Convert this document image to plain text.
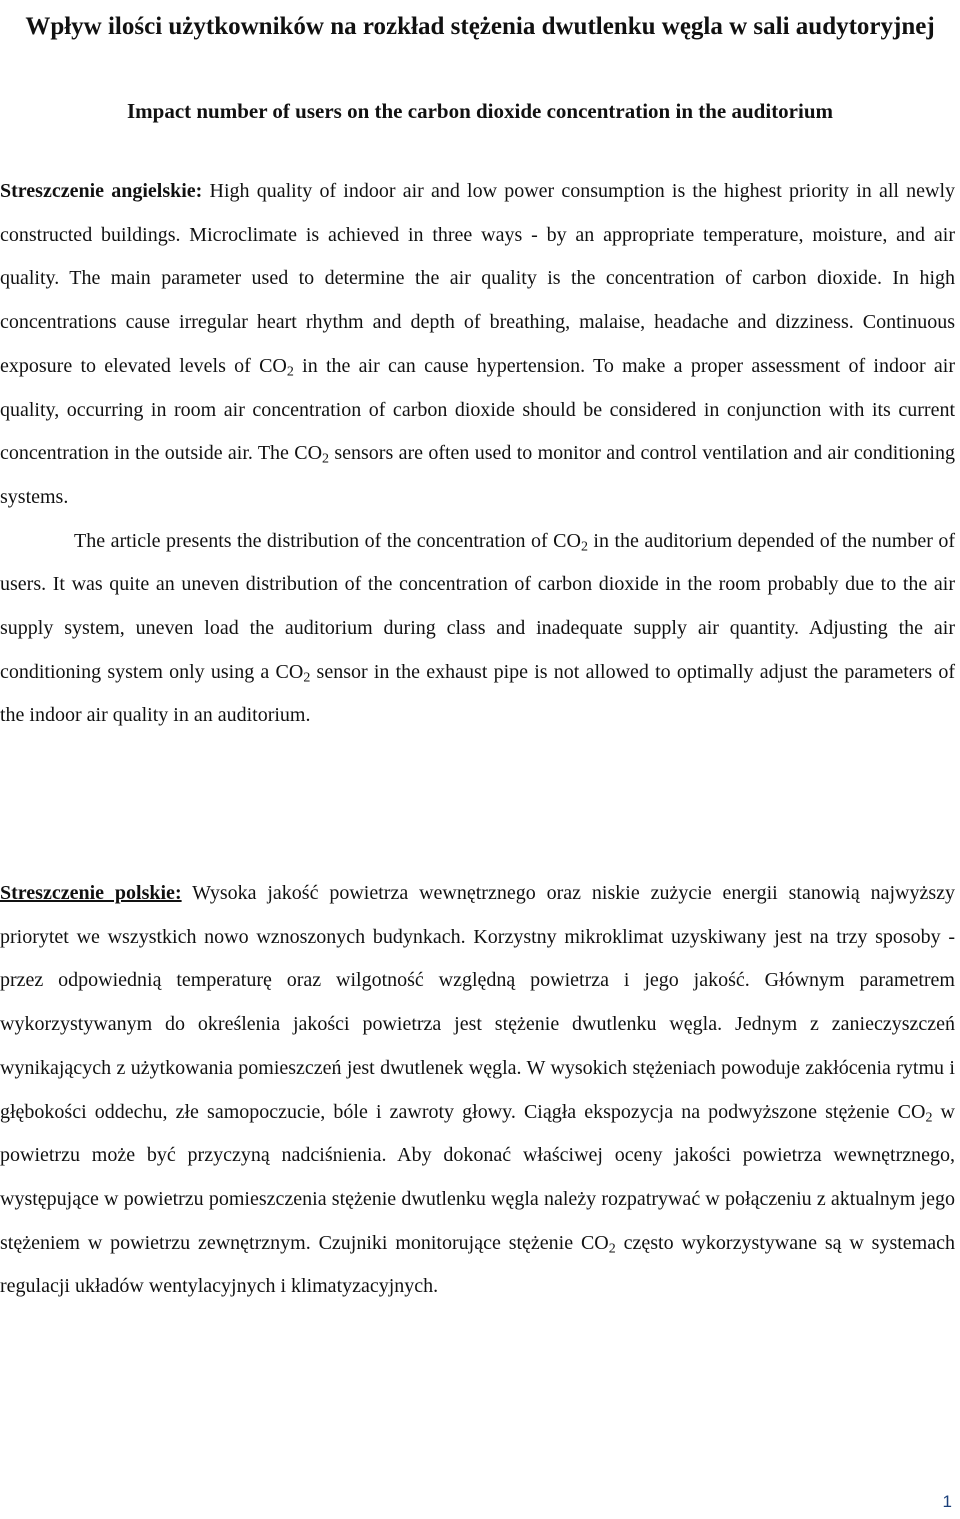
Wpływ ilości użytkowników na rozkład stężenia dwutlenku węgla w sali audytoryjnej
Impact number of users on the carbon dioxide concentration in the auditorium

Streszczenie angielskie: High quality of indoor air and low power consumption is the highest priority in all newly constructed buildings. Microclimate is achieved in three ways - by an appropriate temperature, moisture, and air quality. The main parameter used to determine the air quality is the concentration of carbon dioxide. In high concentrations cause irregular heart rhythm and depth of breathing, malaise, headache and dizziness. Continuous exposure to elevated levels of $CO_2$ in the air can cause hypertension. To make a proper assessment of indoor air quality, occurring in room air concentration of carbon dioxide should be considered in conjunction with its current concentration in the outside air. The $CO_2$ sensors are often used to monitor and control ventilation and air conditioning systems.

The article presents the distribution of the concentration of $CO_2$ in the auditorium depended of the number of users. It was quite an uneven distribution of the concentration of carbon dioxide in the room probably due to the air supply system, uneven load the auditorium during class and inadequate supply air quantity. Adjusting the air conditioning system only using a $CO_2$ sensor in the exhaust pipe is not allowed to optimally adjust the parameters of the indoor air quality in an auditorium.

Streszczenie polskie: Wysoka jakość powietrza wewnętrznego oraz niskie zużycie energii stanowią najwyższy priorytet we wszystkich nowo wznoszonych budynkach. Korzystny mikroklimat uzyskiwany jest na trzy sposoby - przez odpowiednią temperaturę oraz wilgotność względną powietrza i jego jakość. Głównym parametrem wykorzystywanym do określenia jakości powietrza jest stężenie dwutlenku węgla. Jednym z zanieczyszczeń wynikających z użytkowania pomieszczeń jest dwutlenek węgla. W wysokich stężeniach powoduje zakłócenia rytmu i głębokości oddechu, złe samopoczucie, bóle i zawroty głowy. Ciągła ekspozycja na podwyższone stężenie $CO_2$ w powietrzu może być przyczyną nadciśnienia. Aby dokonać właściwej oceny jakości powietrza wewnętrznego, występujące w powietrzu pomieszczenia stężenie dwutlenku węgla należy rozpatrywać w połączeniu z aktualnym jego stężeniem w powietrzu zewnętrznym. Czujniki monitorujące stężenie $CO_2$ często wykorzystywane są w systemach regulacji układów wentylacyjnych i klimatyzacyjnych.

1
